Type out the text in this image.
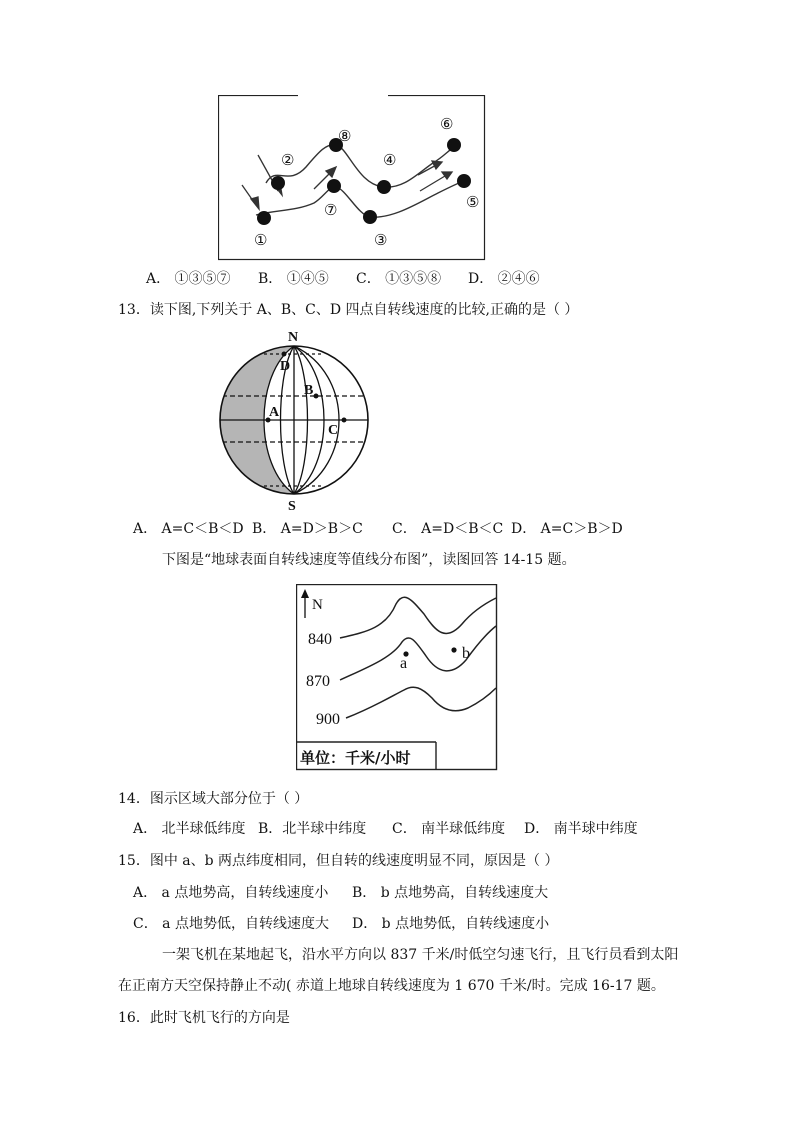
①
②
③
④
⑤
⑥
⑦
⑧
A． ①③⑤⑦ B． ①④⑤ C． ①③⑤⑧ D． ②④⑥
13．读下图,下列关于 A、B、C、D 四点自转线速度的比较,正确的是（ ）
N
S
A
B
C
D
A． A=C＜B＜D B． A=D＞B＞C C． A=D＜B＜C D． A=C＞B＞D
下图是“地球表面自转线速度等值线分布图”，读图回答 14-15 题。
N
840
870
900
a
b
单位：千米/小时
14．图示区域大部分位于（ ）
A． 北半球低纬度 B．北半球中纬度 C． 南半球低纬度 D． 南半球中纬度
15．图中 a、b 两点纬度相同，但自转的线速度明显不同，原因是（ ）
A． a 点地势高，自转线速度小 B． b 点地势高，自转线速度大
C． a 点地势低，自转线速度大 D． b 点地势低，自转线速度小
一架飞机在某地起飞，沿水平方向以 837 千米/时低空匀速飞行，且飞行员看到太阳
在正南方天空保持静止不动( 赤道上地球自转线速度为 1 670 千米/时。完成 16-17 题。
16．此时飞机飞行的方向是
